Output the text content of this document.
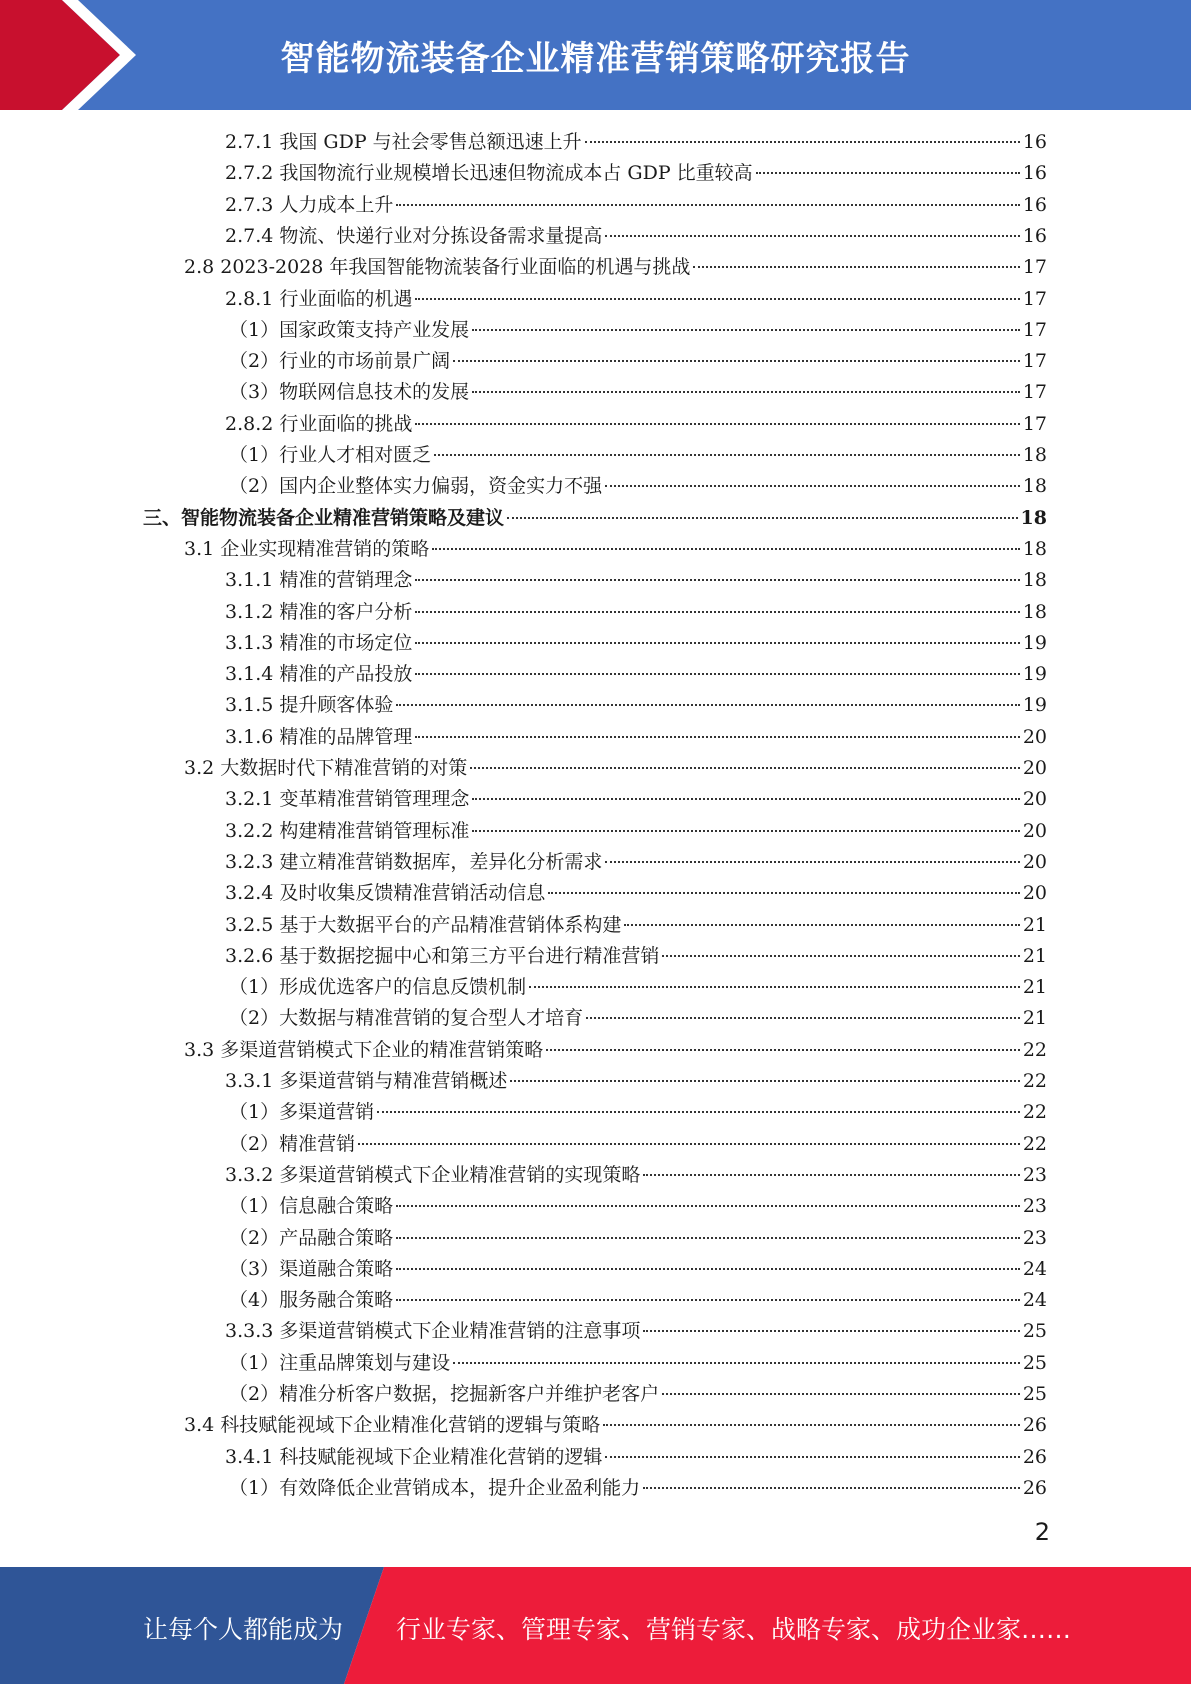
智能物流装备企业精准营销策略研究报告
2.7.1 我国 GDP 与社会零售总额迅速上升	16
2.7.2 我国物流行业规模增长迅速但物流成本占 GDP 比重较高	16
2.7.3 人力成本上升	16
2.7.4 物流、快递行业对分拣设备需求量提高	16
2.8 2023-2028 年我国智能物流装备行业面临的机遇与挑战	17
2.8.1 行业面临的机遇	17
（1）国家政策支持产业发展	17
（2）行业的市场前景广阔	17
（3）物联网信息技术的发展	17
2.8.2 行业面临的挑战	17
（1）行业人才相对匮乏	18
（2）国内企业整体实力偏弱，资金实力不强	18
三、智能物流装备企业精准营销策略及建议	18
3.1 企业实现精准营销的策略	18
3.1.1 精准的营销理念	18
3.1.2 精准的客户分析	18
3.1.3 精准的市场定位	19
3.1.4 精准的产品投放	19
3.1.5 提升顾客体验	19
3.1.6 精准的品牌管理	20
3.2 大数据时代下精准营销的对策	20
3.2.1 变革精准营销管理理念	20
3.2.2 构建精准营销管理标准	20
3.2.3 建立精准营销数据库，差异化分析需求	20
3.2.4 及时收集反馈精准营销活动信息	20
3.2.5 基于大数据平台的产品精准营销体系构建	21
3.2.6 基于数据挖掘中心和第三方平台进行精准营销	21
（1）形成优选客户的信息反馈机制	21
（2）大数据与精准营销的复合型人才培育	21
3.3 多渠道营销模式下企业的精准营销策略	22
3.3.1 多渠道营销与精准营销概述	22
（1）多渠道营销	22
（2）精准营销	22
3.3.2 多渠道营销模式下企业精准营销的实现策略	23
（1）信息融合策略	23
（2）产品融合策略	23
（3）渠道融合策略	24
（4）服务融合策略	24
3.3.3 多渠道营销模式下企业精准营销的注意事项	25
（1）注重品牌策划与建设	25
（2）精准分析客户数据，挖掘新客户并维护老客户	25
3.4 科技赋能视域下企业精准化营销的逻辑与策略	26
3.4.1 科技赋能视域下企业精准化营销的逻辑	26
（1）有效降低企业营销成本，提升企业盈利能力	26
2
让每个人都能成为 行业专家、管理专家、营销专家、战略专家、成功企业家……
